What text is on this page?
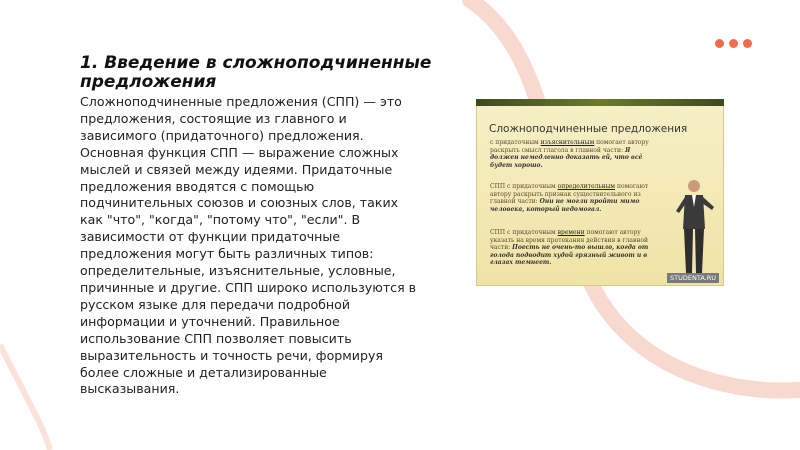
1. Введение в сложноподчиненные предложения

Сложноподчиненные предложения (СПП) — это предложения, состоящие из главного и зависимого (придаточного) предложения. Основная функция СПП — выражение сложных мыслей и связей между идеями. Придаточные предложения вводятся с помощью подчинительных союзов и союзных слов, таких как "что", "когда", "потому что", "если". В зависимости от функции придаточные предложения могут быть различных типов: определительные, изъяснительные, условные, причинные и другие. СПП широко используются в русском языке для передачи подробной информации и уточнений. Правильное использование СПП позволяет повысить выразительность и точность речи, формируя более сложные и детализированные высказывания.

Сложноподчиненные предложения
с придаточным изъяснительным помогает автору раскрыть смысл глагола в главной части: Я должен немедленно доказать ей, что всё будет хорошо.
СПП с придаточным определительным помогают автору раскрыть признак существительного из главной части: Они не могли пройти мимо человека, который недомогал.
СПП с придаточным времени помогают автору указать на время протекания действия в главной части: Поесть не очень-то вышло, когда от голода подводит худой грязный живот и в глазах темнеет.
STUDENTA.RU
